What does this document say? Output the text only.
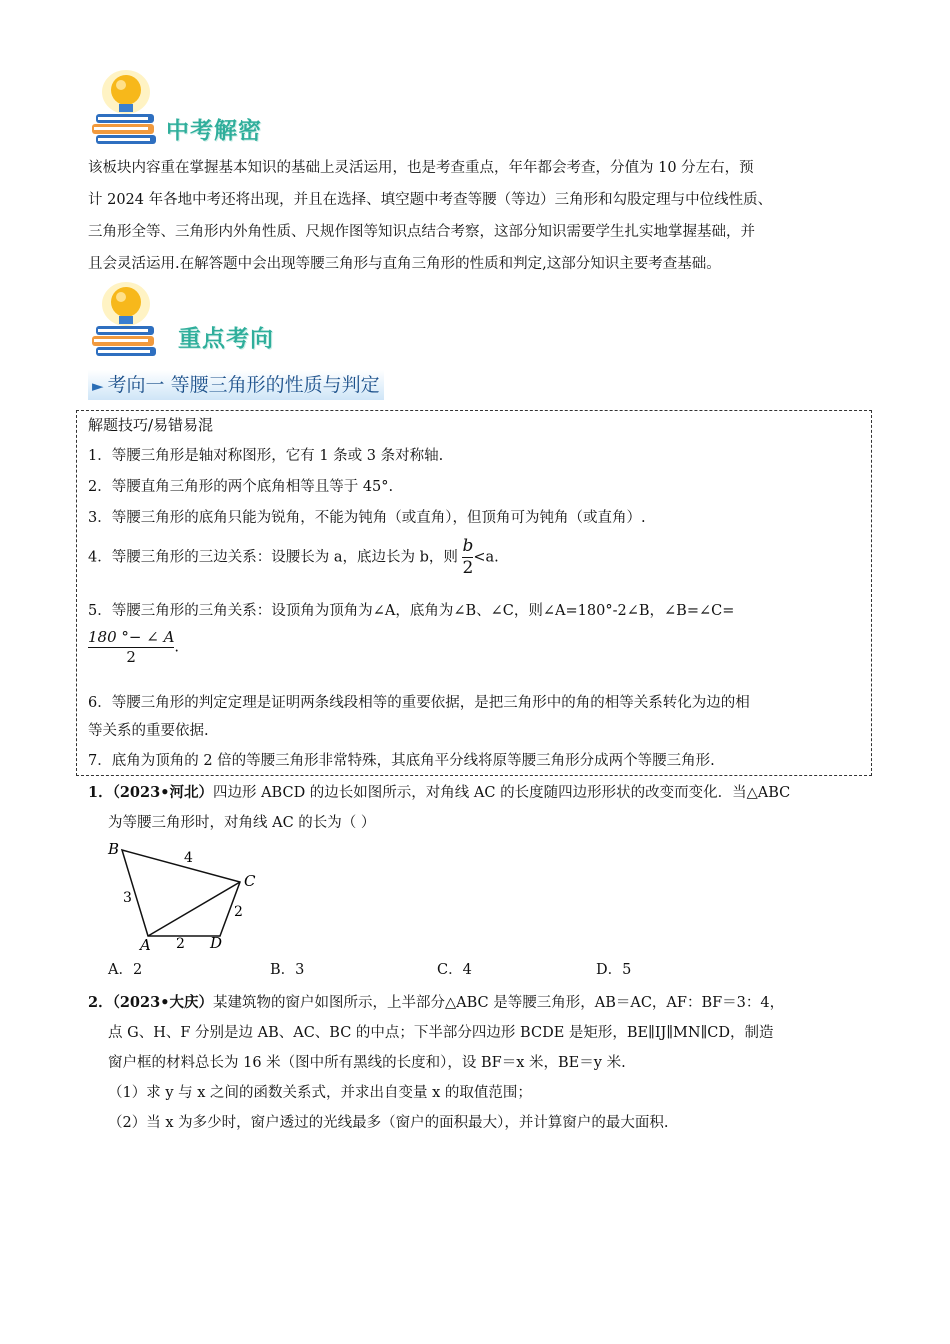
中考解密

该板块内容重在掌握基本知识的基础上灵活运用，也是考查重点，年年都会考查，分值为 10 分左右，预

计 2024 年各地中考还将出现，并且在选择、填空题中考查等腰（等边）三角形和勾股定理与中位线性质、

三角形全等、三角形内外角性质、尺规作图等知识点结合考察，这部分知识需要学生扎实地掌握基础，并

且会灵活运用.在解答题中会出现等腰三角形与直角三角形的性质和判定,这部分知识主要考查基础。

重点考向
► 考向一 等腰三角形的性质与判定
解题技巧/易错易混
1．等腰三角形是轴对称图形，它有 1 条或 3 条对称轴.
2．等腰直角三角形的两个底角相等且等于 45°.
3．等腰三角形的底角只能为锐角，不能为钝角（或直角），但顶角可为钝角（或直角）.
4．等腰三角形的三边关系：设腰长为 a，底边长为 b，则 $\frac{b}{2} <a$.
5．等腰三角形的三角关系：设顶角为顶角为∠A，底角为∠B、∠C，则∠A=180°-2∠B，∠B=∠C=
$\frac{180 ^\circ- \angle A}{2}$ .
6．等腰三角形的判定定理是证明两条线段相等的重要依据，是把三角形中的角的相等关系转化为边的相
等关系的重要依据.
7．底角为顶角的 2 倍的等腰三角形非常特殊，其底角平分线将原等腰三角形分成两个等腰三角形.
1．（2023•河北）四边形 ABCD 的边长如图所示，对角线 AC 的长度随四边形形状的改变而变化．当△ABC
为等腰三角形时，对角线 AC 的长为（ ）
B
C
A	D
4
3
2
2
A．2	B．3	C．4	D．5
2．（2023•大庆）某建筑物的窗户如图所示，上半部分△ABC 是等腰三角形，AB＝AC，AF：BF＝3：4，
点 G、H、F 分别是边 AB、AC、BC 的中点；下半部分四边形 BCDE 是矩形，BE∥IJ∥MN∥CD，制造
窗户框的材料总长为 16 米（图中所有黑线的长度和），设 BF＝x 米，BE＝y 米.
（1）求 y 与 x 之间的函数关系式，并求出自变量 x 的取值范围；
（2）当 x 为多少时，窗户透过的光线最多（窗户的面积最大），并计算窗户的最大面积.
